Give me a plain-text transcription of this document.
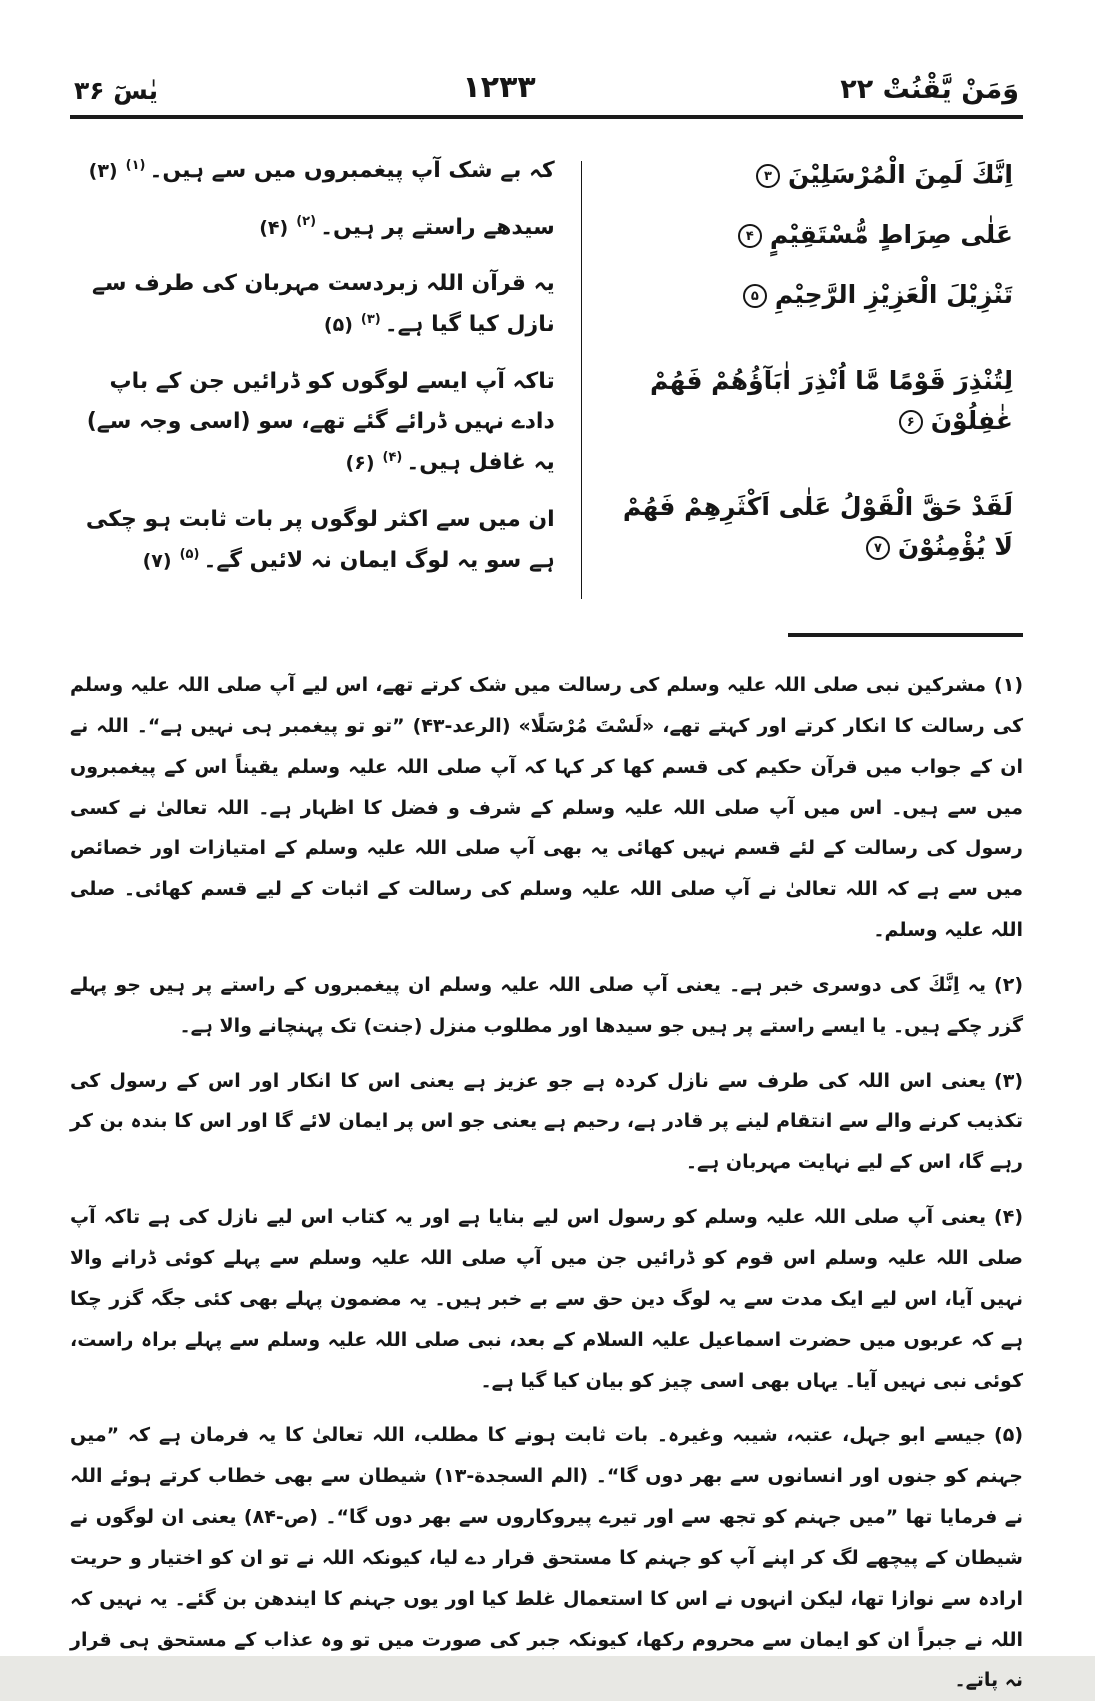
وَمَنْ يَّقْنُتْ ۲۲
۱۲۳۳
يٰسٓ ۳۶

اِنَّكَ لَمِنَ الْمُرْسَلِيْنَ۳

عَلٰى صِرَاطٍ مُّسْتَقِيْمٍ۴

تَنْزِيْلَ الْعَزِيْزِ الرَّحِيْمِ۵

لِتُنْذِرَ قَوْمًا مَّا اُنْذِرَ اٰبَآؤُهُمْ فَهُمْ غٰفِلُوْنَ۶

لَقَدْ حَقَّ الْقَوْلُ عَلٰى اَكْثَرِهِمْ فَهُمْ لَا يُؤْمِنُوْنَ۷

کہ بے شک آپ پیغمبروں میں سے ہیں۔$^{(۱)}$(۳)

سیدھے راستے پر ہیں۔$^{(۲)}$(۴)

یہ قرآن اللہ زبردست مہربان کی طرف سے نازل کیا گیا ہے۔$^{(۳)}$(۵)

تاکہ آپ ایسے لوگوں کو ڈرائیں جن کے باپ دادے نہیں ڈرائے گئے تھے، سو (اسی وجہ سے) یہ غافل ہیں۔$^{(۴)}$(۶)

ان میں سے اکثر لوگوں پر بات ثابت ہو چکی ہے سو یہ لوگ ایمان نہ لائیں گے۔$^{(۵)}$(۷)

(۱)مشرکین نبی صلی اللہ علیہ وسلم کی رسالت میں شک کرتے تھے، اس لیے آپ صلی اللہ علیہ وسلم کی رسالت کا انکار کرتے اور کہتے تھے، «لَسْتَ مُرْسَلًا» (الرعد-۴۳) ”تو تو پیغمبر ہی نہیں ہے“۔ اللہ نے ان کے جواب میں قرآن حکیم کی قسم کھا کر کہا کہ آپ صلی اللہ علیہ وسلم یقیناً اس کے پیغمبروں میں سے ہیں۔ اس میں آپ صلی اللہ علیہ وسلم کے شرف و فضل کا اظہار ہے۔ اللہ تعالیٰ نے کسی رسول کی رسالت کے لئے قسم نہیں کھائی یہ بھی آپ صلی اللہ علیہ وسلم کے امتیازات اور خصائص میں سے ہے کہ اللہ تعالیٰ نے آپ صلی اللہ علیہ وسلم کی رسالت کے اثبات کے لیے قسم کھائی۔ صلی اللہ علیہ وسلم۔

(۲)یہ اِنَّكَ کی دوسری خبر ہے۔ یعنی آپ صلی اللہ علیہ وسلم ان پیغمبروں کے راستے پر ہیں جو پہلے گزر چکے ہیں۔ یا ایسے راستے پر ہیں جو سیدھا اور مطلوب منزل (جنت) تک پہنچانے والا ہے۔

(۳)یعنی اس اللہ کی طرف سے نازل کردہ ہے جو عزیز ہے یعنی اس کا انکار اور اس کے رسول کی تکذیب کرنے والے سے انتقام لینے پر قادر ہے، رحیم ہے یعنی جو اس پر ایمان لائے گا اور اس کا بندہ بن کر رہے گا، اس کے لیے نہایت مہربان ہے۔

(۴)یعنی آپ صلی اللہ علیہ وسلم کو رسول اس لیے بنایا ہے اور یہ کتاب اس لیے نازل کی ہے تاکہ آپ صلی اللہ علیہ وسلم اس قوم کو ڈرائیں جن میں آپ صلی اللہ علیہ وسلم سے پہلے کوئی ڈرانے والا نہیں آیا، اس لیے ایک مدت سے یہ لوگ دین حق سے بے خبر ہیں۔ یہ مضمون پہلے بھی کئی جگہ گزر چکا ہے کہ عربوں میں حضرت اسماعیل علیہ السلام کے بعد، نبی صلی اللہ علیہ وسلم سے پہلے براہ راست، کوئی نبی نہیں آیا۔ یہاں بھی اسی چیز کو بیان کیا گیا ہے۔

(۵)جیسے ابو جہل، عتبہ، شیبہ وغیرہ۔ بات ثابت ہونے کا مطلب، اللہ تعالیٰ کا یہ فرمان ہے کہ ”میں جہنم کو جنوں اور انسانوں سے بھر دوں گا“۔ (الم السجدة-۱۳) شیطان سے بھی خطاب کرتے ہوئے اللہ نے فرمایا تھا ”میں جہنم کو تجھ سے اور تیرے پیروکاروں سے بھر دوں گا“۔ (ص-۸۴) یعنی ان لوگوں نے شیطان کے پیچھے لگ کر اپنے آپ کو جہنم کا مستحق قرار دے لیا، کیونکہ اللہ نے تو ان کو اختیار و حریت ارادہ سے نوازا تھا، لیکن انہوں نے اس کا استعمال غلط کیا اور یوں جہنم کا ایندھن بن گئے۔ یہ نہیں کہ اللہ نے جبراً ان کو ایمان سے محروم رکھا، کیونکہ جبر کی صورت میں تو وہ عذاب کے مستحق ہی قرار نہ پاتے۔
